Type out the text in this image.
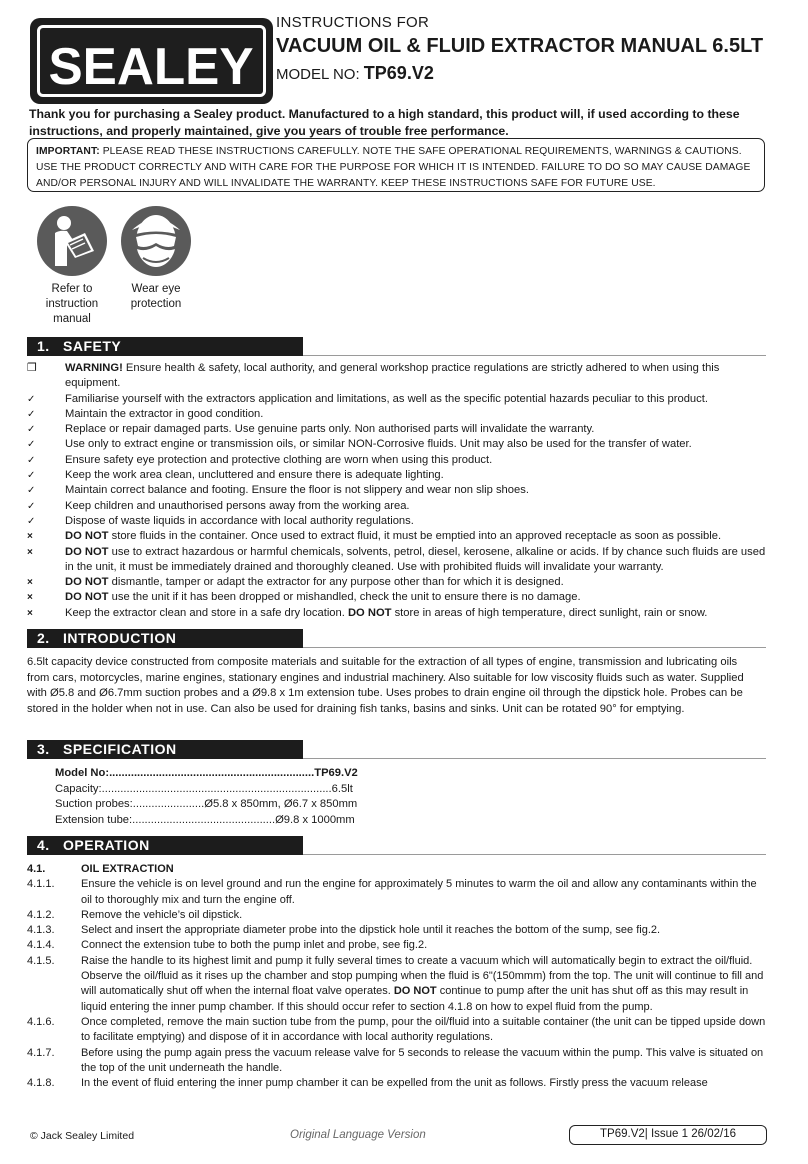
SEALEY
INSTRUCTIONS FOR
VACUUM OIL & FLUID EXTRACTOR MANUAL 6.5LT
MODEL NO: TP69.V2
Thank you for purchasing a Sealey product. Manufactured to a high standard, this product will, if used according to these instructions, and properly maintained, give you years of trouble free performance.
IMPORTANT: PLEASE READ THESE INSTRUCTIONS CAREFULLY. NOTE THE SAFE OPERATIONAL REQUIREMENTS, WARNINGS & CAUTIONS. USE THE PRODUCT CORRECTLY AND WITH CARE FOR THE PURPOSE FOR WHICH IT IS INTENDED. FAILURE TO DO SO MAY CAUSE DAMAGE AND/OR PERSONAL INJURY AND WILL INVALIDATE THE WARRANTY. KEEP THESE INSTRUCTIONS SAFE FOR FUTURE USE.
Refer to instruction manual
Wear eye protection
1. SAFETY
❒	WARNING! Ensure health & safety, local authority, and general workshop practice regulations are strictly adhered to when using this equipment.
✓	Familiarise yourself with the extractors application and limitations, as well as the specific potential hazards peculiar to this product.
✓	Maintain the extractor in good condition.
✓	Replace or repair damaged parts. Use genuine parts only. Non authorised parts will invalidate the warranty.
✓	Use only to extract engine or transmission oils, or similar NON-Corrosive fluids. Unit may also be used for the transfer of water.
✓	Ensure safety eye protection and protective clothing are worn when using this product.
✓	Keep the work area clean, uncluttered and ensure there is adequate lighting.
✓	Maintain correct balance and footing. Ensure the floor is not slippery and wear non slip shoes.
✓	Keep children and unauthorised persons away from the working area.
✓	Dispose of waste liquids in accordance with local authority regulations.
×	DO NOT store fluids in the container. Once used to extract fluid, it must be emptied into an approved receptacle as soon as possible.
×	DO NOT use to extract hazardous or harmful chemicals, solvents, petrol, diesel, kerosene, alkaline or acids. If by chance such fluids are used in the unit, it must be immediately drained and thoroughly cleaned. Use with prohibited fluids will invalidate your warranty.
×	DO NOT dismantle, tamper or adapt the extractor for any purpose other than for which it is designed.
×	DO NOT use the unit if it has been dropped or mishandled, check the unit to ensure there is no damage.
×	Keep the extractor clean and store in a safe dry location. DO NOT store in areas of high temperature, direct sunlight, rain or snow.
2. INTRODUCTION
6.5lt capacity device constructed from composite materials and suitable for the extraction of all types of engine, transmission and lubricating oils from cars, motorcycles, marine engines, stationary engines and industrial machinery. Also suitable for low viscosity fluids such as water. Supplied with Ø5.8 and Ø6.7mm suction probes and a Ø9.8 x 1m extension tube. Uses probes to drain engine oil through the dipstick hole. Probes can be stored in the holder when not in use. Can also be used for draining fish tanks, basins and sinks. Unit can be rotated 90° for emptying.
3. SPECIFICATION
Model No:..................................................................TP69.V2
Capacity:..........................................................................6.5lt
Suction probes:.......................Ø5.8 x 850mm, Ø6.7 x 850mm
Extension tube:..............................................Ø9.8 x 1000mm
4. OPERATION
4.1.	OIL EXTRACTION
4.1.1. Ensure the vehicle is on level ground and run the engine for approximately 5 minutes to warm the oil and allow any contaminants within the oil to thoroughly mix and turn the engine off.
4.1.2. Remove the vehicle’s oil dipstick.
4.1.3. Select and insert the appropriate diameter probe into the dipstick hole until it reaches the bottom of the sump, see fig.2.
4.1.4. Connect the extension tube to both the pump inlet and probe, see fig.2.
4.1.5. Raise the handle to its highest limit and pump it fully several times to create a vacuum which will automatically begin to extract the oil/fluid. Observe the oil/fluid as it rises up the chamber and stop pumping when the fluid is 6"(150mmm) from the top. The unit will continue to fill and will automatically shut off when the internal float valve operates. DO NOT continue to pump after the unit has shut off as this may result in liquid entering the inner pump chamber. If this should occur refer to section 4.1.8 on how to expel fluid from the pump.
4.1.6. Once completed, remove the main suction tube from the pump, pour the oil/fluid into a suitable container (the unit can be tipped upside down to facilitate emptying) and dispose of it in accordance with local authority regulations.
4.1.7. Before using the pump again press the vacuum release valve for 5 seconds to release the vacuum within the pump. This valve is situated on the top of the unit underneath the handle.
4.1.8. In the event of fluid entering the inner pump chamber it can be expelled from the unit as follows. Firstly press the vacuum release
© Jack Sealey Limited	Original Language Version	TP69.V2| Issue 1 26/02/16
